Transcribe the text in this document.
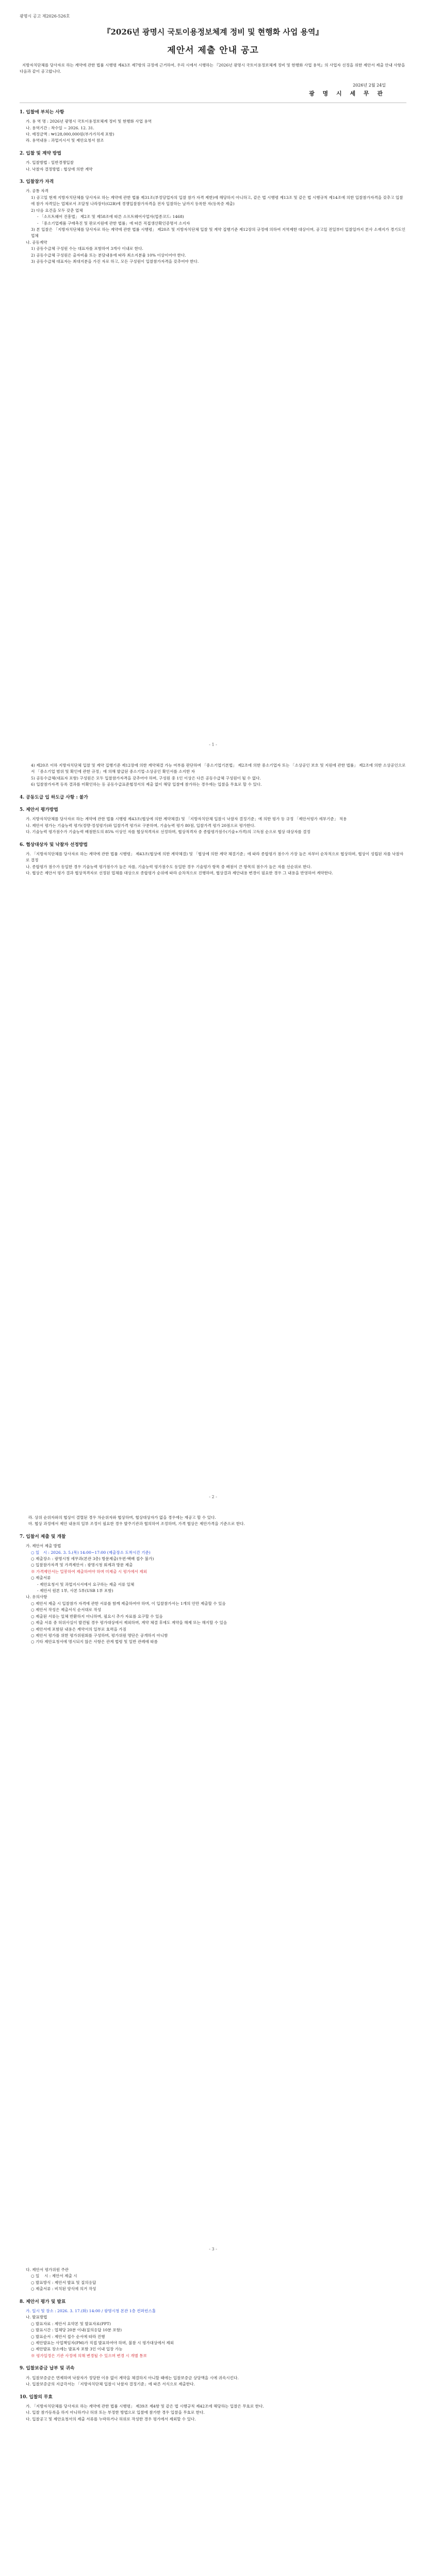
광명시 공고 제2026-526호
『2026년 광명시 국토이용정보체계 정비 및 현행화 사업 용역』
제안서 제출 안내 공고

지방자치단체를 당사자로 하는 계약에 관한 법률 시행령 제43조 제7항의 규정에 근거하여, 우리 시에서 시행하는 『2026년 광명시 국토이용정보체계 정비 및 현행화 사업 용역』의 사업자 선정을 위한 제안서 제출 안내 사항을 다음과 같이 공고합니다.

2026년 2월 24일
광 명 시 세 무 관

1. 입찰에 부치는 사항

가. 용 역 명 : 2026년 광명시 국토이용정보체계 정비 및 현행화 사업 용역

나. 용역기간 : 착수일 ~ 2026. 12. 31.

다. 예정금액 : ₩128,000,000원(부가가치세 포함)

라. 용역내용 : 과업지시서 및 제안요청서 참조

2. 입찰 및 계약 방법

가. 입찰방법 : 일반경쟁입찰

나. 낙찰자 결정방법 : 협상에 의한 계약

3. 입찰참가 자격

가. 공통 자격

1) 공고일 현재 지방자치단체를 당사자로 하는 계약에 관한 법률 제31조(부정당업자의 입찰 참가 자격 제한)에 해당하지 아니하고, 같은 법 시행령 제13조 및 같은 법 시행규칙 제14조에 의한 입찰참가자격을 갖추고 입찰에 참가 자격있는 업체로서 조달청 나라장터(G2B)에 경쟁입찰참가자격을 전자 입찰하는 날까지 등록한 자(등록증 제출)

2) 다음 요건을 모두 갖춘 업체

- 「소프트웨어 진흥법」 제2조 및 제58조에 따른 소프트웨어사업자(업종코드: 1468)

- 「중소기업제품 구매촉진 및 판로지원에 관한 법률」에 따른 직접생산확인증명서 소지자

3) 본 입찰은 「지방자치단체를 당사자로 하는 계약에 관한 법률 시행령」 제20조 및 지방자치단체 입찰 및 계약 집행기준 제12장의 규정에 의하여 지역제한 대상이며, 공고일 전일부터 입찰일까지 본사 소재지가 경기도인 업체

나. 공동계약

1) 공동수급체 구성원 수는 대표자를 포함하여 3개사 이내로 한다.

2) 공동수급체 구성원은 출자비율 또는 분담내용에 따라 최소지분율 10% 이상이어야 한다.

3) 공동수급체 대표자는 최대지분을 가진 자로 하고, 모든 구성원이 입찰참가자격을 갖추어야 한다.

- 1 -

4) 제20조 이하 지방자치단체 입찰 및 계약 집행기준 제12장에 의한 계약체결 가능 여부를 판단하며 「중소기업기본법」 제2조에 의한 중소기업자 또는 「소상공인 보호 및 지원에 관한 법률」 제2조에 의한 소상공인으로서 「중소기업 범위 및 확인에 관한 규정」에 의해 발급된 중소기업·소상공인 확인서를 소지한 자

5) 공동수급체(대표자 포함) 구성원은 모두 입찰참가자격을 갖추어야 하며, 구성원 중 1인 이상은 다른 공동수급체 구성원이 될 수 없다.

6) 입찰참가자격 등록 결과를 미확인하는 등 공동수급표준협정서의 제출 없이 해당 입찰에 참가하는 경우에는 입찰을 무효로 할 수 있다.

4. 공동도급 입 하도급 사항 : 불가

5. 제안서 평가방법

가. 지방자치단체를 당사자로 하는 계약에 관한 법률 시행령 제43조(협상에 의한 계약체결) 및 「지방자치단체 입찰시 낙찰자 결정기준」에 의한 평가 등 규정 「제안서평가 세부기준」 적용

나. 제안서 평가는 기술능력 평가(정량·정성평가)와 입찰가격 평가로 구분하며, 기술능력 평가 80점, 입찰가격 평가 20점으로 평가한다.

다. 기술능력 평가점수가 기술능력 배점한도의 85% 이상인 자를 협상적격자로 선정하며, 협상적격자 중 종합평가점수(기술+가격)의 고득점 순으로 협상 대상자를 결정

6. 협상대상자 및 낙찰자 선정방법

가. 「지방자치단체를 당사자로 하는 계약에 관한 법률 시행령」 제43조(협상에 의한 계약체결) 및 「협상에 의한 계약 체결기준」에 따라 종합평가 점수가 가장 높은 자부터 순차적으로 협상하며, 협상이 성립된 자를 낙찰자로 결정

나. 종합평가 점수가 동일한 경우 기술능력 평가점수가 높은 자를, 기술능력 평가점수도 동일한 경우 기술평가 항목 중 배점이 큰 항목의 점수가 높은 자를 선순위로 한다.

다. 협상은 제안서 평가 결과 협상적격자로 선정된 업체를 대상으로 종합평가 순위에 따라 순차적으로 진행하며, 협상결과 제안내용 변경이 필요한 경우 그 내용을 반영하여 계약한다.

- 2 -

라. 상위 순위자와의 협상이 결렬된 경우 차순위자와 협상하며, 협상대상자가 없을 경우에는 재공고 할 수 있다.

마. 협상 과정에서 제안 내용의 일부 조정이 필요한 경우 발주기관과 협의하여 조정하며, 가격 협상은 제안가격을 기준으로 한다.

7. 입찰서 제출 및 개찰

가. 제안서 제출 방법

○ 일   시 : 2026. 3. 5.(목) 14:00~17:00 (제출장소 도착시간 기준)

○ 제출장소 : 광명시청 세무과(본관 3층) 방문제출(우편·택배 접수 불가)

○ 입찰참가자격 및 가격제안서 : 광명시청 회계과 방문 제출

※ 가격제안서는 밀봉하여 제출하여야 하며 미제출 시 평가에서 제외

○ 제출서류

- 제안요청서 및 과업지시서에서 요구하는 제출 서류 일체

- 제안서 원본 1부, 사본 5부(USB 1부 포함)

나. 유의사항

○ 제안서 제출 시 입찰참가 자격에 관한 서류를 함께 제출하여야 하며, 이 입찰참가서는 1개의 안만 제출할 수 있음

○ 제안서 작성은 제출서식 순서대로 작성

○ 제출된 서류는 일체 반환하지 아니하며, 필요시 추가 자료를 요구할 수 있음

○ 제출 서류 중 허위사실이 발견될 경우 평가대상에서 제외하며, 계약 체결 후에도 계약을 해제 또는 해지할 수 있음

○ 제안서에 포함된 내용은 계약서의 일부로 효력을 가짐

○ 제안서 평가를 위한 평가위원회를 구성하며, 평가위원 명단은 공개하지 아니함

○ 기타 제안요청서에 명시되지 않은 사항은 관계 법령 및 일반 관례에 따름

- 3 -

다. 제안서 평가위원 주관

○ 일    시 : 제안서 제출 시

○ 발표방식 : 제안서 발표 및 질의응답

○ 제출서류 : 비치된 양식에 의거 작성

8. 제안서 평가 및 발표

가. 일시 및 장소 : 2026. 3. 17.(화) 14:00 / 광명시청 본관 1층 컨퍼런스홀

나. 발표방법

○ 발표자료 : 제안서 요약본 및 발표자료(PPT)

○ 발표시간 : 업체당 20분 이내(질의응답 10분 포함)

○ 발표순서 : 제안서 접수 순서에 따라 진행

○ 제안발표는 사업책임자(PM)가 직접 발표하여야 하며, 불참 시 평가대상에서 제외

○ 제안발표 장소에는 발표자 포함 3인 이내 입장 가능

※ 평가일정은 기관 사정에 의해 변경될 수 있으며 변경 시 개별 통보

9. 입찰보증금 납부 및 귀속

가. 입찰보증금은 면제하며 낙찰자가 정당한 이유 없이 계약을 체결하지 아니할 때에는 입찰보증금 상당액을 시에 귀속시킨다.

나. 입찰보증금의 지급각서는 「지방자치단체 입찰시 낙찰자 결정기준」에 따른 서식으로 제출한다.

10. 입찰의 무효

가. 「지방자치단체를 당사자로 하는 계약에 관한 법률 시행령」 제39조 제4항 및 같은 법 시행규칙 제42조에 해당하는 입찰은 무효로 한다.

나. 입찰 참가등록을 하지 아니하거나 허위 또는 부정한 방법으로 입찰에 참가한 경우 입찰을 무효로 한다.

다. 입찰공고 및 제안요청서의 제출 서류를 누락하거나 허위로 작성한 경우 평가에서 제외할 수 있다.
